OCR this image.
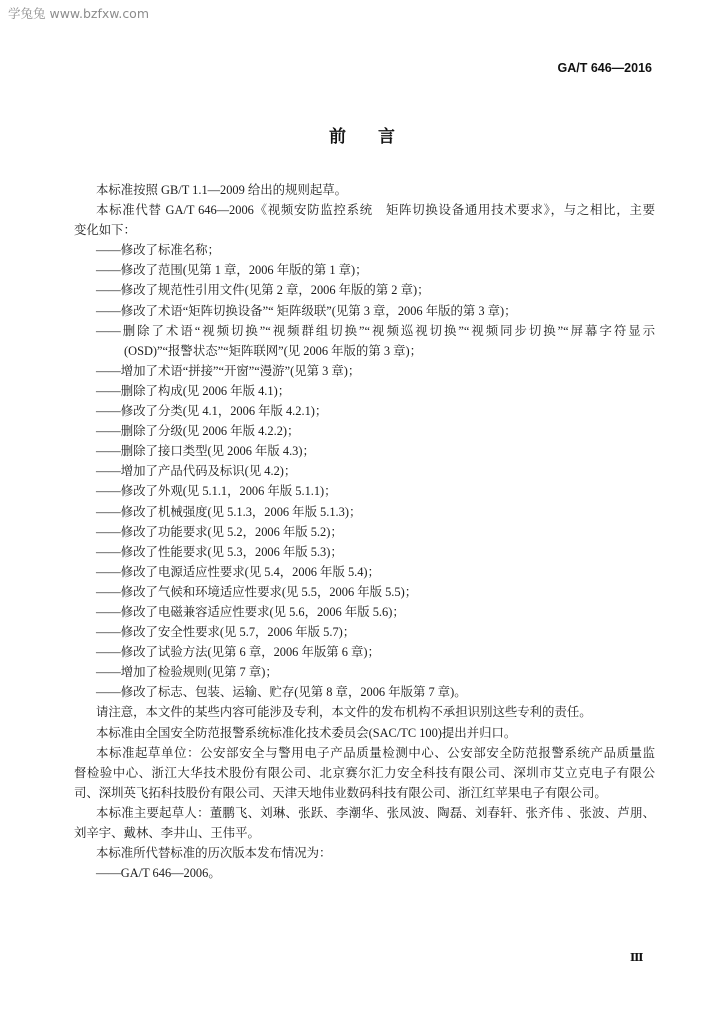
学兔兔 www.bzfxw.com
GA/T 646—2016
前 言
本标准按照 GB/T 1.1—2009 给出的规则起草。
本标准代替 GA/T 646—2006《视频安防监控系统　矩阵切换设备通用技术要求》，与之相比，主要
变化如下：
——修改了标准名称；
——修改了范围(见第 1 章，2006 年版的第 1 章)；
——修改了规范性引用文件(见第 2 章，2006 年版的第 2 章)；
——修改了术语“矩阵切换设备”“ 矩阵级联”(见第 3 章，2006 年版的第 3 章)；
——删除了术语“视频切换”“视频群组切换”“视频巡视切换”“视频同步切换”“屏幕字符显示
(OSD)”“报警状态”“矩阵联网”(见 2006 年版的第 3 章)；
——增加了术语“拼接”“开窗”“漫游”(见第 3 章)；
——删除了构成(见 2006 年版 4.1)；
——修改了分类(见 4.1，2006 年版 4.2.1)；
——删除了分级(见 2006 年版 4.2.2)；
——删除了接口类型(见 2006 年版 4.3)；
——增加了产品代码及标识(见 4.2)；
——修改了外观(见 5.1.1，2006 年版 5.1.1)；
——修改了机械强度(见 5.1.3，2006 年版 5.1.3)；
——修改了功能要求(见 5.2，2006 年版 5.2)；
——修改了性能要求(见 5.3，2006 年版 5.3)；
——修改了电源适应性要求(见 5.4，2006 年版 5.4)；
——修改了气候和环境适应性要求(见 5.5，2006 年版 5.5)；
——修改了电磁兼容适应性要求(见 5.6，2006 年版 5.6)；
——修改了安全性要求(见 5.7，2006 年版 5.7)；
——修改了试验方法(见第 6 章，2006 年版第 6 章)；
——增加了检验规则(见第 7 章)；
——修改了标志、包装、运输、贮存(见第 8 章，2006 年版第 7 章)。
请注意，本文件的某些内容可能涉及专利，本文件的发布机构不承担识别这些专利的责任。
本标准由全国安全防范报警系统标准化技术委员会(SAC/TC 100)提出并归口。
本标准起草单位：公安部安全与警用电子产品质量检测中心、公安部安全防范报警系统产品质量监
督检验中心、浙江大华技术股份有限公司、北京赛尔汇力安全科技有限公司、深圳市艾立克电子有限公
司、深圳英飞拓科技股份有限公司、天津天地伟业数码科技有限公司、浙江红苹果电子有限公司。
本标准主要起草人：董鹏飞、刘琳、张跃、李潮华、张凤波、陶磊、刘春轩、张齐伟 、张波、芦朋、
刘辛宇、戴林、李井山、王伟平。
本标准所代替标准的历次版本发布情况为：
——GA/T 646—2006。
Ⅲ
